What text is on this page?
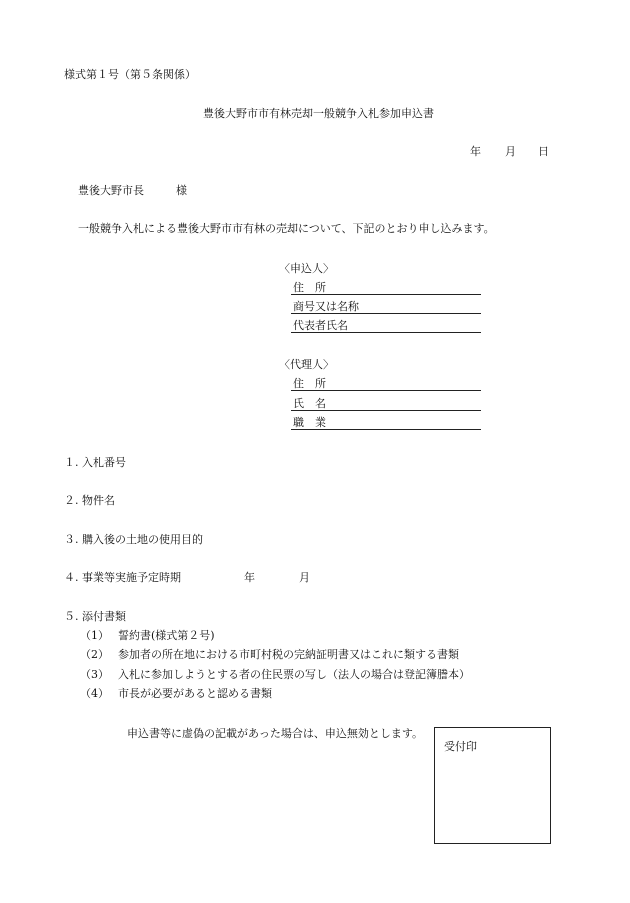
様式第１号（第５条関係）
豊後大野市市有林売却一般競争入札参加申込書
年 月 日
豊後大野市長	様
一般競争入札による豊後大野市市有林の売却について、下記のとおり申し込みます。
〈申込人〉
住　所
商号又は名称
代表者氏名
〈代理人〉
住　所
氏　名
職　業
１. 入札番号
２. 物件名
３. 購入後の土地の使用目的
４. 事業等実施予定時期	年	月
５. 添付書類
（1） 誓約書(様式第２号)
（2） 参加者の所在地における市町村税の完納証明書又はこれに類する書類
（3） 入札に参加しようとする者の住民票の写し（法人の場合は登記簿謄本）
（4） 市長が必要があると認める書類
申込書等に虚偽の記載があった場合は、申込無効とします。
受付印
